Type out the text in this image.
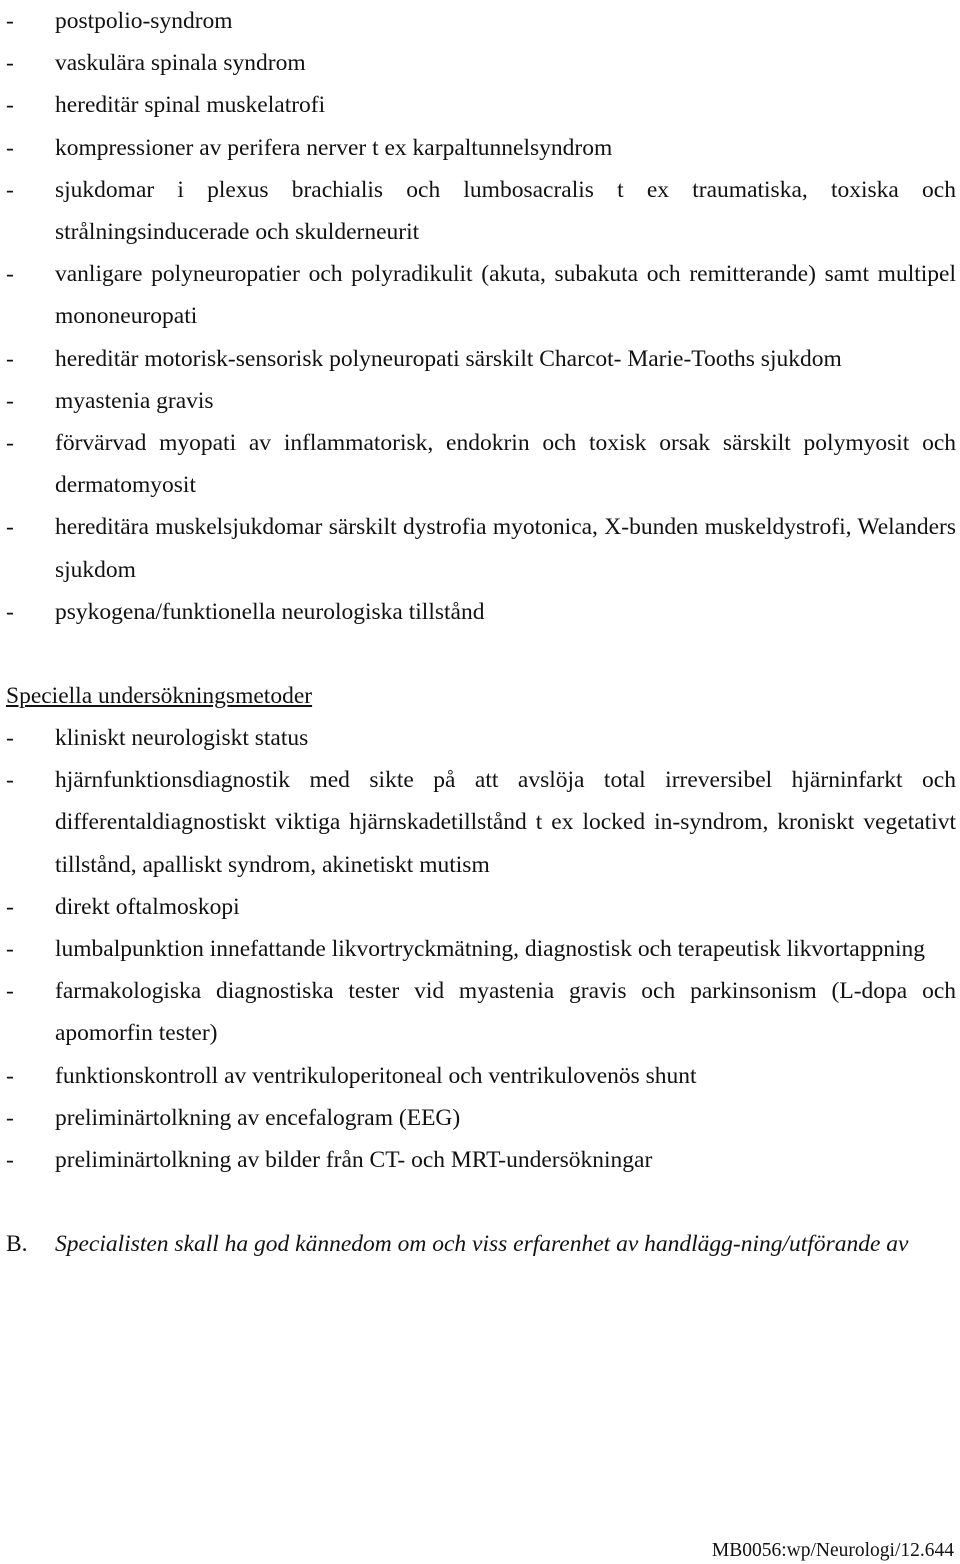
- postpolio-syndrom
- vaskulära spinala syndrom
- hereditär spinal muskelatrofi
- kompressioner av perifera nerver t ex karpaltunnelsyndrom
- sjukdomar i plexus brachialis och lumbosacralis t ex traumatiska, toxiska och strålningsinducerade och skulderneurit
- vanligare polyneuropatier och polyradikulit (akuta, subakuta och remitterande) samt multipel mononeuropati
- hereditär motorisk-sensorisk polyneuropati särskilt Charcot- Marie-Tooths sjukdom
- myastenia gravis
- förvärvad myopati av inflammatorisk, endokrin och toxisk orsak särskilt polymyosit och dermatomyosit
- hereditära muskelsjukdomar särskilt dystrofia myotonica, X-bunden muskeldystrofi, Welanders sjukdom
- psykogena/funktionella neurologiska tillstånd
Speciella undersökningsmetoder
- kliniskt neurologiskt status
- hjärnfunktionsdiagnostik med sikte på att avslöja total irreversibel hjärninfarkt och differentaldiagnostiskt viktiga hjärnskadetillstånd t ex locked in-syndrom, kroniskt vegetativt tillstånd, apalliskt syndrom, akinetiskt mutism
- direkt oftalmoskopi
- lumbalpunktion innefattande likvortryckmätning, diagnostisk och terapeutisk likvortappning
- farmakologiska diagnostiska tester vid myastenia gravis och parkinsonism (L-dopa och apomorfin tester)
- funktionskontroll av ventrikuloperitoneal och ventrikulovenös shunt
- preliminärtolkning av encefalogram (EEG)
- preliminärtolkning av bilder från CT- och MRT-undersökningar
B. Specialisten skall ha god kännedom om och viss erfarenhet av handlägg-ning/utförande av
MB0056:wp/Neurologi/12.644
